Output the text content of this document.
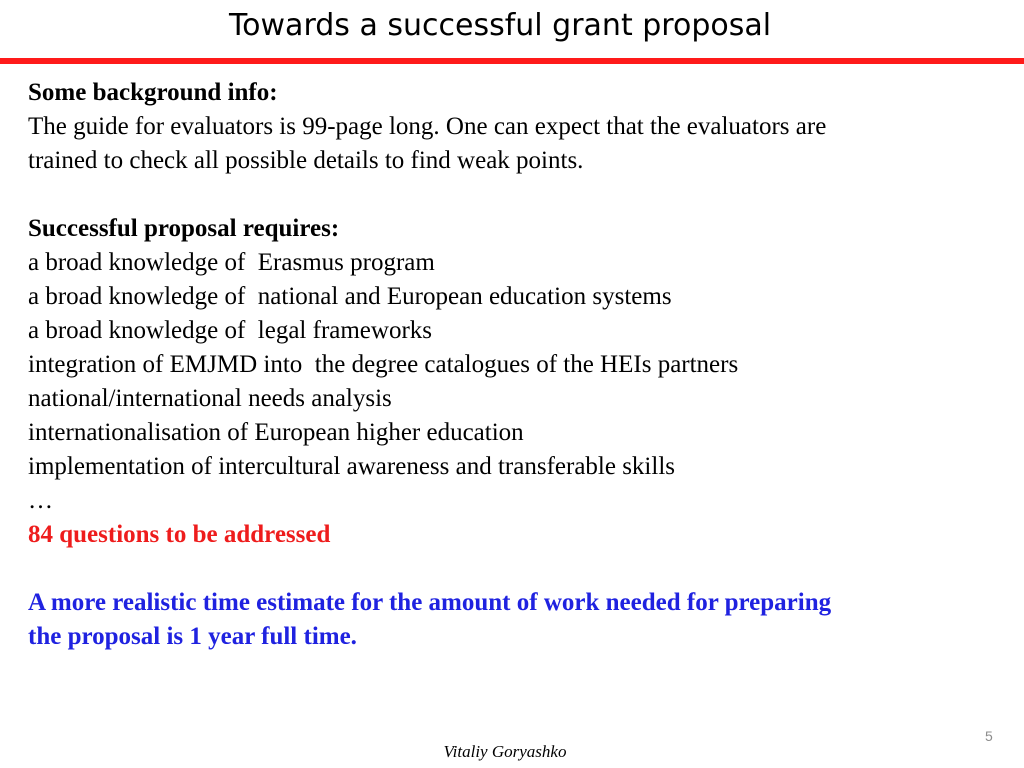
Towards a successful grant proposal
Some background info:
The guide for evaluators is 99-page long. One can expect that the evaluators are
trained to check all possible details to find weak points.
Successful proposal requires:
a broad knowledge of  Erasmus program
a broad knowledge of  national and European education systems
a broad knowledge of  legal frameworks
integration of EMJMD into  the degree catalogues of the HEIs partners
national/international needs analysis
internationalisation of European higher education
implementation of intercultural awareness and transferable skills
…
84 questions to be addressed
A more realistic time estimate for the amount of work needed for preparing
the proposal is 1 year full time.
5
Vitaliy Goryashko
